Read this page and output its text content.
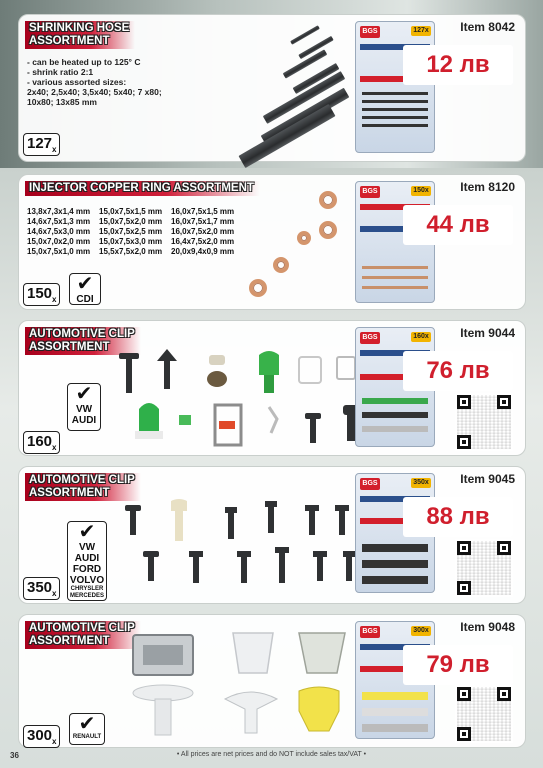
SHRINKING HOSE
ASSORTMENT
- can be heated up to 125° C
- shrink ratio 2:1
- various assorted sizes:
2x40; 2,5x40; 3,5x40; 5x40; 7 x80;
10x80; 13x85 mm
$127_x$
BGS	127x	Item 8042
12 лв
INJECTOR COPPER RING ASSORTMENT
13,8x7,3x1,4 mm	15,0x7,5x1,5 mm	16,0x7,5x1,5 mm
14,6x7,5x1,3 mm	15,0x7,5x2,0 mm	16,0x7,5x1,7 mm
14,6x7,5x3,0 mm	15,0x7,5x2,5 mm	16,0x7,5x2,0 mm
15,0x7,0x2,0 mm	15,0x7,5x3,0 mm	16,4x7,5x2,0 mm
15,0x7,5x1,0 mm	15,5x7,5x2,0 mm	20,0x9,4x0,9 mm
$150_x$
✔
CDI
BGS	150x	Item 8120
44 лв
AUTOMOTIVE CLIP
ASSORTMENT
$160_x$
✔
VW
AUDI
BGS	160x	Item 9044
76 лв
AUTOMOTIVE CLIP
ASSORTMENT
$350_x$
✔
VW
AUDI
FORD
VOLVO
CHRYSLER
MERCEDES
BGS	350x	Item 9045
88 лв
AUTOMOTIVE CLIP
ASSORTMENT
$300_x$
✔
RENAULT
BGS	300x	Item 9048
79 лв
• All prices are net prices and do NOT include sales tax/VAT •
36
